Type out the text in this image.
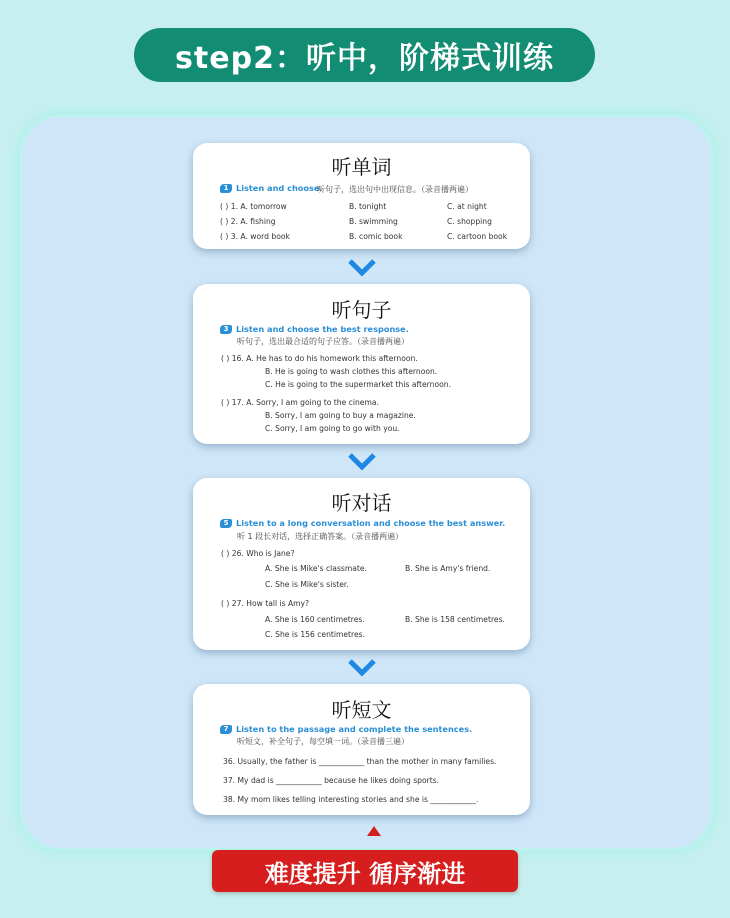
step2：听中，阶梯式训练
听单词
1 Listen and choose.
听句子，选出句中出现信息。（录音播两遍）
( ) 1. A. tomorrow	B. tonight	C. at night
( ) 2. A. fishing	B. swimming	C. shopping
( ) 3. A. word book	B. comic book	C. cartoon book
听句子
3 Listen and choose the best response.
听句子，选出最合适的句子应答。（录音播两遍）
( ) 16. A. He has to do his homework this afternoon.
B. He is going to wash clothes this afternoon.
C. He is going to the supermarket this afternoon.
( ) 17. A. Sorry, I am going to the cinema.
B. Sorry, I am going to buy a magazine.
C. Sorry, I am going to go with you.
听对话
5 Listen to a long conversation and choose the best answer.
听 1 段长对话，选择正确答案。（录音播两遍）
( ) 26. Who is Jane?
A. She is Mike's classmate.	B. She is Amy's friend.
C. She is Mike's sister.
( ) 27. How tall is Amy?
A. She is 160 centimetres.	B. She is 158 centimetres.
C. She is 156 centimetres.
听短文
7 Listen to the passage and complete the sentences.
听短文，补全句子，每空填一词。（录音播三遍）
36. Usually, the father is ____________ than the mother in many families.
37. My dad is ____________ because he likes doing sports.
38. My mom likes telling interesting stories and she is ____________.
难度提升 循序渐进
